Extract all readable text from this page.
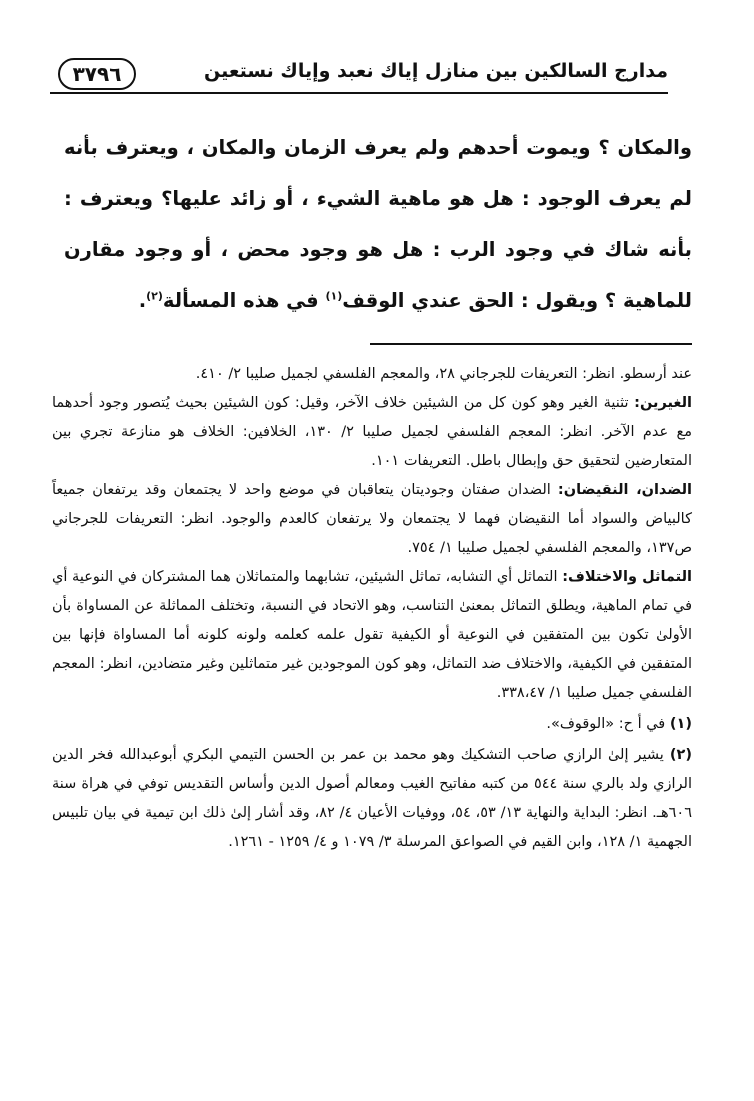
مدارج السالكين بين منازل إياك نعبد وإياك نستعين
٣٧٩٦

والمكان ؟ ويموت أحدهم ولم يعرف الزمان والمكان ، ويعترف بأنه لم يعرف الوجود : هل هو ماهية الشيء ، أو زائد عليها؟ ويعترف : بأنه شاك في وجود الرب : هل هو وجود محض ، أو وجود مقارن للماهية ؟ ويقول : الحق عندي الوقف$^{(١)}$ في هذه المسألة$^{(٢)}$.

عند أرسطو. انظر: التعريفات للجرجاني ٢٨، والمعجم الفلسفي لجميل صليبا ٢/ ٤١٠.

الغيرين: تثنية الغير وهو كون كل من الشيئين خلاف الآخر، وقيل: كون الشيئين بحيث يُتصور وجود أحدهما مع عدم الآخر. انظر: المعجم الفلسفي لجميل صليبا ٢/ ١٣٠، الخلافين: الخلاف هو منازعة تجري بين المتعارضين لتحقيق حق وإبطال باطل. التعريفات ١٠١.

الضدان، النقيضان: الضدان صفتان وجوديتان يتعاقبان في موضع واحد لا يجتمعان وقد يرتفعان جميعاً كالبياض والسواد أما النقيضان فهما لا يجتمعان ولا يرتفعان كالعدم والوجود. انظر: التعريفات للجرجاني ص١٣٧، والمعجم الفلسفي لجميل صليبا ١/ ٧٥٤.

التماثل والاختلاف: التماثل أي التشابه، تماثل الشيئين، تشابهما والمتماثلان هما المشتركان في النوعية أي في تمام الماهية، ويطلق التماثل بمعنىٰ التناسب، وهو الاتحاد في النسبة، وتختلف المماثلة عن المساواة بأن الأولىٰ تكون بين المتفقين في النوعية أو الكيفية تقول علمه كعلمه ولونه كلونه أما المساواة فإنها بين المتفقين في الكيفية، والاختلاف ضد التماثل، وهو كون الموجودين غير متماثلين وغير متضادين، انظر: المعجم الفلسفي جميل صليبا ١/ ٣٣٨،٤٧.

(١) في أ ح: «الوقوف».

(٢) يشير إلىٰ الرازي صاحب التشكيك وهو محمد بن عمر بن الحسن التيمي البكري أبوعبدالله فخر الدين الرازي ولد بالري سنة ٥٤٤ من كتبه مفاتيح الغيب ومعالم أصول الدين وأساس التقديس توفي في هراة سنة ٦٠٦هـ. انظر: البداية والنهاية ١٣/ ٥٣، ٥٤، ووفيات الأعيان ٤/ ٨٢، وقد أشار إلىٰ ذلك ابن تيمية في بيان تلبيس الجهمية ١/ ١٢٨، وابن القيم في الصواعق المرسلة ٣/ ١٠٧٩ و ٤/ ١٢٥٩ - ١٢٦١.
